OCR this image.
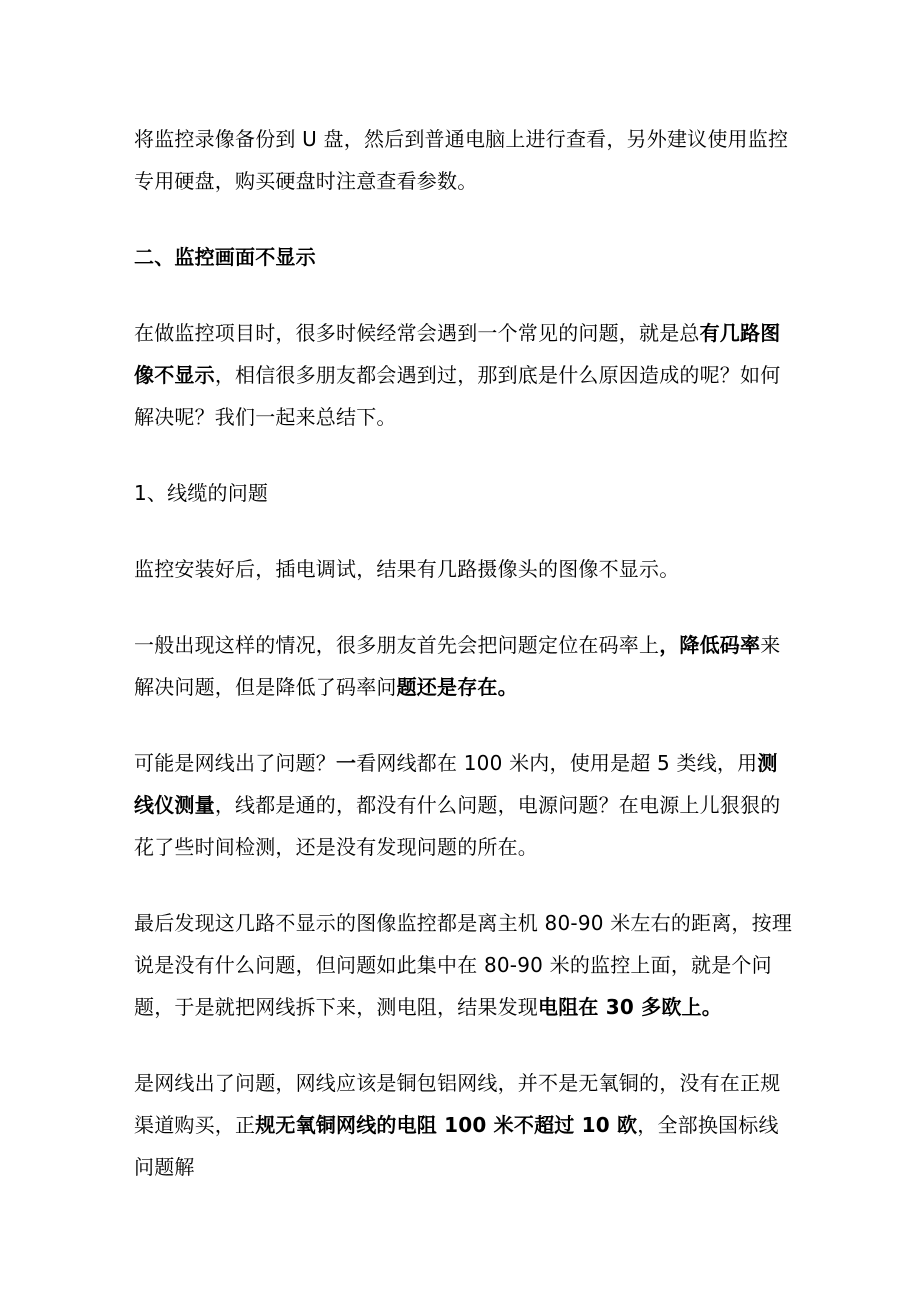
将监控录像备份到 U 盘，然后到普通电脑上进行查看，另外建议使用监控专用硬盘，购买硬盘时注意查看参数。

二、监控画面不显示

在做监控项目时，很多时候经常会遇到一个常见的问题，就是总有几路图像不显示，相信很多朋友都会遇到过，那到底是什么原因造成的呢？如何解决呢？我们一起来总结下。

1、线缆的问题

监控安装好后，插电调试，结果有几路摄像头的图像不显示。

一般出现这样的情况，很多朋友首先会把问题定位在码率上，降低码率来解决问题，但是降低了码率问题还是存在。

可能是网线出了问题？一看网线都在 100 米内，使用是超 5 类线，用测线仪测量，线都是通的，都没有什么问题，电源问题？在电源上儿狠狠的花了些时间检测，还是没有发现问题的所在。

最后发现这几路不显示的图像监控都是离主机 80-90 米左右的距离，按理说是没有什么问题，但问题如此集中在 80-90 米的监控上面，就是个问题，于是就把网线拆下来，测电阻，结果发现电阻在 30 多欧上。

是网线出了问题，网线应该是铜包铝网线，并不是无氧铜的，没有在正规渠道购买，正规无氧铜网线的电阻 100 米不超过 10 欧，全部换国标线问题解
